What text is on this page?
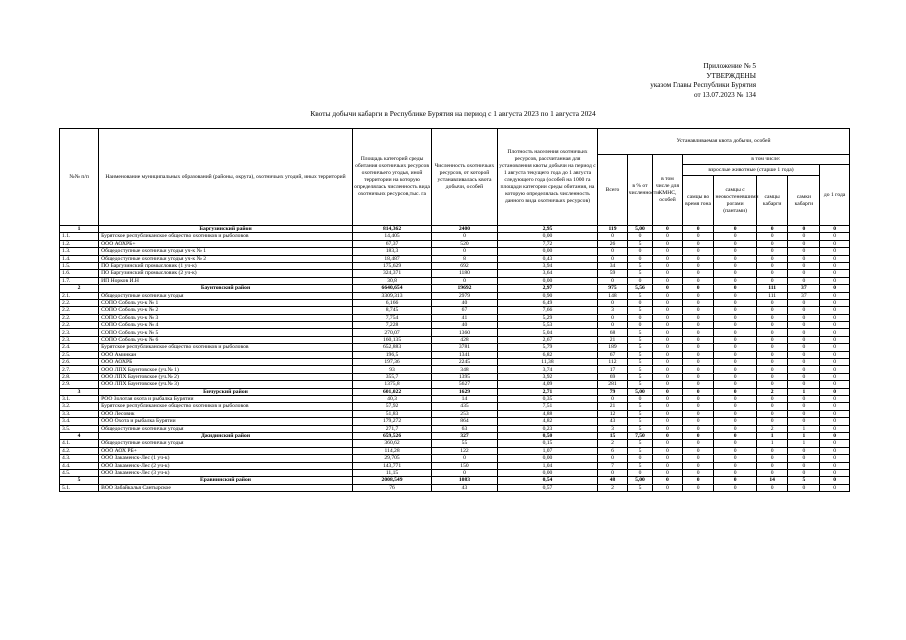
Приложение № 5
УТВЕРЖДЕНЫ
указом Главы Республики Бурятия
от 13.07.2023 № 134
Квоты добычи кабарги в Республике Бурятия на период с 1 августа 2023 по 1 августа 2024
№№ п/п	Наименование муниципальных образований (районы, округа), охотничьих угодий, иных территорий	Площадь категорий среды обитания охотничьих ресурсов охотничьего угодья, иной территории на которую определялась численность вида охотничьих ресурсов,тыс. га	Численность охотничьих ресурсов, от которой устанавливалась квота добычи, особей	Плотность населения охотничьих ресурсов, рассчитанная для установления квоты добычи на период с 1 августа текущего года до 1 августа следующего года (особей на 1000 га площади категории среды обитания, на которую определялась численность данного вида охотничьих ресурсов)	Устанавливаемая квота добычи, особей							
					Всего	в % от численности	в том числе для КМНС, особей	в том числе:				
								взрослые животные (старше 1 года)				до 1 года
								самцы во время гона	самцы с неокостеневшими рогами (пантами)	самцы кабарги	самки кабарги	
1	Баргузинский район	814,362	2400	2,95	119	5,00	0	0	0	0	0	0
1.1.	Бурятское республиканское общество охотников и рыболовов	14,405	0	0,00	0	0	0	0	0	0	0	0
1.2.	ООО АОХРБ+	67,37	520	7,72	26	5	0	0	0	0	0	0
1.3.	Общедоступные охотничьи угодья уч-к № 1	183,3	0	0,00	0	0	0	0	0	0	0	0
1.4.	Общедоступные охотничьи угодья уч-к № 2	18,487	8	0,43	0	0	0	0	0	0	0	0
1.5.	ПО Баргузинский промысловик (1 уч-к)	175,629	692	3,94	34	5	0	0	0	0	0	0
1.6.	ПО Баргузинский промысловик (2 уч-к)	324,371	1180	3,64	59	5	0	0	0	0	0	0
1.7.	ИП Норков И.Н	30,8	0	0,00	0	0	0	0	0	0	0	0
2	Баунтовский район	6640,654	19692	2,97	975	5,56	0	0	0	111	37	0
2.1.	Общедоступные охотничьи угодья	3309,313	2979	0,90	148	5	0	0	0	111	37	0
2.2.	СОПО Соболь уч-к № 1	6,166	40	6,49	0	0	0	0	0	0	0	0
2.2.	СОПО Соболь уч-к № 2	8,745	67	7,66	3	5	0	0	0	0	0	0
2.2.	СОПО Соболь уч-к № 3	7,754	41	5,29	0	0	0	0	0	0	0	0
2.2.	СОПО Соболь уч-к № 4	7,228	40	5,53	0	0	0	0	0	0	0	0
2.3.	СОПО Соболь уч-к № 5	270,07	1360	5,04	68	5	0	0	0	0	0	0
2.3.	СОПО Соболь уч-к № 6	160,135	428	2,67	21	5	0	0	0	0	0	0
2.4.	Бурятское республиканское общество охотников и рыболовов	652,883	3781	5,79	189	5	0	0	0	0	0	0
2.5.	ООО Аминкан	196,5	1341	6,82	67	5	0	0	0	0	0	0
2.6.	ООО АОХРБ	197,36	2245	11,38	112	5	0	0	0	0	0	0
2.7.	ООО ЛПХ Баунтовское (уч.№ 1)	93	348	3,74	17	5	0	0	0	0	0	0
2.8.	ООО ЛПХ Баунтовское (уч.№ 2)	355,7	1395	3,92	69	5	0	0	0	0	0	0
2.9.	ООО ЛПХ Баунтовское (уч.№ 3)	1375,8	5627	4,09	281	5	0	0	0	0	0	0
3	Бичурский район	601,022	1629	2,71	79	5,00	0	0	0	2	1	0
3.1.	РОО Золотая охота и рыбалка Бурятии	40,3	14	0,35	0	0	0	0	0	0	0	0
3.2.	Бурятское республиканское общество охотников и рыболовов	57,92	435	7,51	21	5	0	0	0	0	0	0
3.3.	ООО Лесовик	51,83	253	4,88	12	5	0	0	0	0	0	0
3.4.	ООО Охота и рыбалка Бурятии	179,272	864	4,82	43	5	0	0	0	0	0	0
3.5.	Общедоступные охотничьи угодья	271,7	63	0,23	3	5	0	0	0	2	1	0
4	Джидинский район	659,526	327	0,50	15	7,50	0	0	0	1	1	0
4.1.	Общедоступные охотничьи угодья	360,62	55	0,15	2	5	0	0	0	1	1	0
4.2.	ООО АОХ РБ+	114,28	122	1,07	6	5	0	0	0	0	0	0
4.3.	ООО Закаменск-Лес (1 уч-к)	29,705	0	0,00	0	0	0	0	0	0	0	0
4.4.	ООО Закаменск-Лес (2 уч-к)	143,771	150	1,04	7	5	0	0	0	0	0	0
4.5.	ООО Закаменск-Лес (3 уч-к)	11,15	0	0,00	0	0	0	0	0	0	0	0
5	Еравнинский район	2008,549	1083	0,54	48	5,00	0	0	0	14	5	0
5.1.	ВОО Забайкалья Сантырское	76	43	0,57	2	5	0	0	0	0	0	0
